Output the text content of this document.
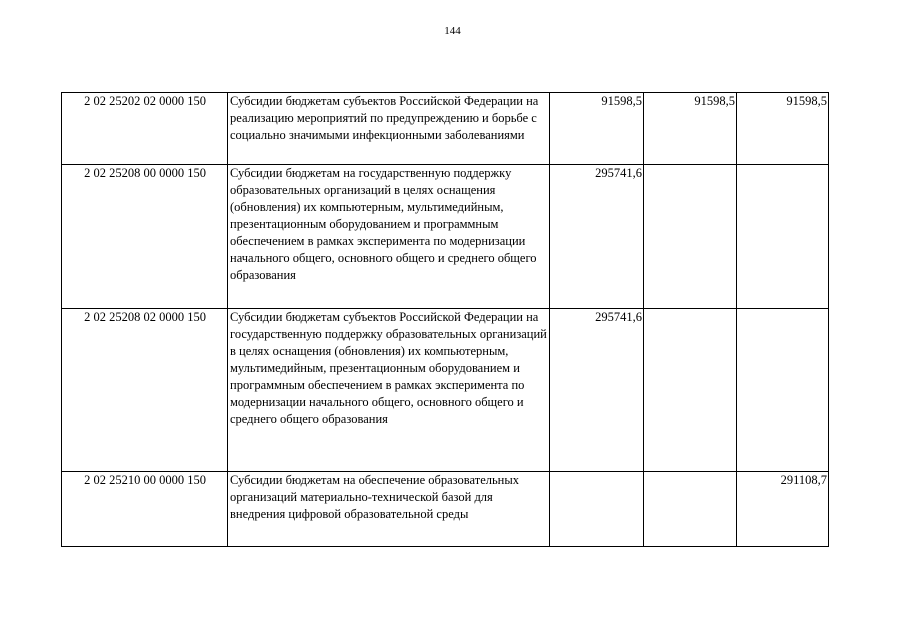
144
2 02 25202 02 0000 150	Субсидии бюджетам субъектов Российской Федерации на реализацию мероприятий по предупреждению и борьбе с социально значимыми инфекционными заболеваниями	91598,5	91598,5	91598,5
2 02 25208 00 0000 150	Субсидии бюджетам на государственную поддержку образовательных организаций в целях оснащения (обновления) их компьютерным, мультимедийным, презентационным оборудованием и программным обеспечением в рамках эксперимента по модернизации начального общего, основного общего и среднего общего образования	295741,6		
2 02 25208 02 0000 150	Субсидии бюджетам субъектов Российской Федерации на государственную поддержку образовательных организаций в целях оснащения (обновления) их компьютерным, мультимедийным, презентационным оборудованием и программным обеспечением в рамках эксперимента по модернизации начального общего, основного общего и среднего общего образования	295741,6		
2 02 25210 00 0000 150	Субсидии бюджетам на обеспечение образовательных организаций материально-технической базой для внедрения цифровой образовательной среды			291108,7
